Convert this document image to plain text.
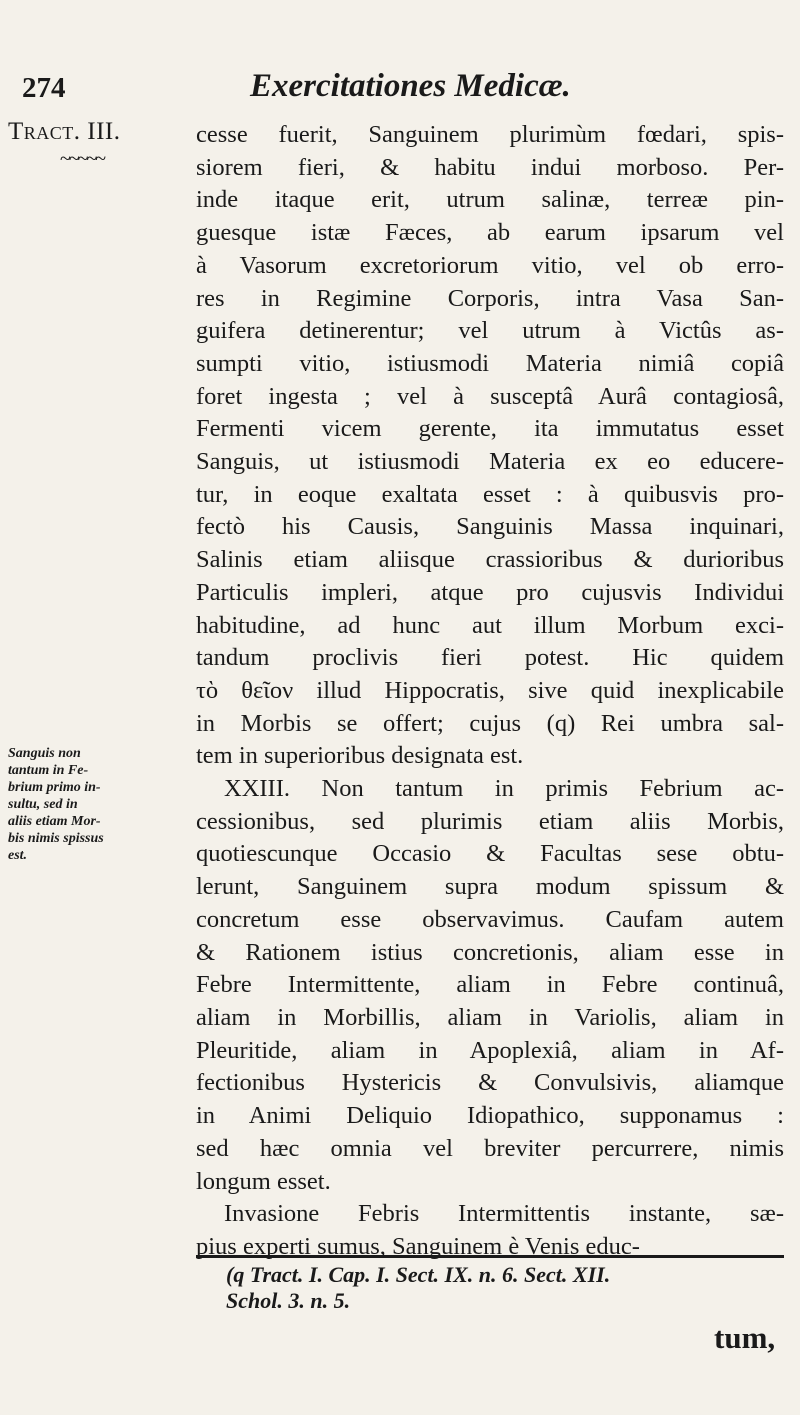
274	Exercitationes Medicæ.
Tract. III.
~~~~~
cesse fuerit, Sanguinem plurimùm fœdari, spis-
siorem fieri, & habitu indui morboso. Per-
inde itaque erit, utrum salinæ, terreæ pin-
guesque istæ Fæces, ab earum ipsarum vel
à Vasorum excretoriorum vitio, vel ob erro-
res in Regimine Corporis, intra Vasa San-
guifera detinerentur; vel utrum à Victûs as-
sumpti vitio, istiusmodi Materia nimiâ copiâ
foret ingesta ; vel à susceptâ Aurâ contagiosâ,
Fermenti vicem gerente, ita immutatus esset
Sanguis, ut istiusmodi Materia ex eo educere-
tur, in eoque exaltata esset : à quibusvis pro-
fectò his Causis, Sanguinis Massa inquinari,
Salinis etiam aliisque crassioribus & durioribus
Particulis impleri, atque pro cujusvis Individui
habitudine, ad hunc aut illum Morbum exci-
tandum proclivis fieri potest. Hic quidem
τὸ θεῖον illud Hippocratis, sive quid inexplicabile
in Morbis se offert; cujus (q) Rei umbra sal-
tem in superioribus designata est.
XXIII. Non tantum in primis Febrium ac-
cessionibus, sed plurimis etiam aliis Morbis,
quotiescunque Occasio & Facultas sese obtu-
lerunt, Sanguinem supra modum spissum &
concretum esse observavimus. Caufam autem
& Rationem istius concretionis, aliam esse in
Febre Intermittente, aliam in Febre continuâ,
aliam in Morbillis, aliam in Variolis, aliam in
Pleuritide, aliam in Apoplexiâ, aliam in Af-
fectionibus Hystericis & Convulsivis, aliamque
in Animi Deliquio Idiopathico, supponamus :
sed hæc omnia vel breviter percurrere, nimis
longum esset.
Invasione Febris Intermittentis instante, sæ-
pius experti sumus, Sanguinem è Venis educ-
Sanguis non
tantum in Fe-
brium primo in-
sultu, sed in
aliis etiam Mor-
bis nimis spissus
est.
(q Tract. I. Cap. I. Sect. IX. n. 6. Sect. XII.
Schol. 3. n. 5.
tum,
